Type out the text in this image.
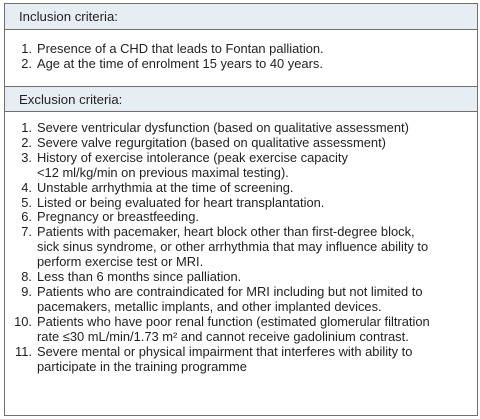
Inclusion criteria:
1. Presence of a CHD that leads to Fontan palliation.
2. Age at the time of enrolment 15 years to 40 years.
Exclusion criteria:
1. Severe ventricular dysfunction (based on qualitative assessment)
2. Severe valve regurgitation (based on qualitative assessment)
3. History of exercise intolerance (peak exercise capacity
<12 ml/kg/min on previous maximal testing).
4. Unstable arrhythmia at the time of screening.
5. Listed or being evaluated for heart transplantation.
6. Pregnancy or breastfeeding.
7. Patients with pacemaker, heart block other than first-degree block,
sick sinus syndrome, or other arrhythmia that may influence ability to
perform exercise test or MRI.
8. Less than 6 months since palliation.
9. Patients who are contraindicated for MRI including but not limited to
pacemakers, metallic implants, and other implanted devices.
10. Patients who have poor renal function (estimated glomerular filtration
rate ≤30 mL/min/1.73 m² and cannot receive gadolinium contrast.
11. Severe mental or physical impairment that interferes with ability to
participate in the training programme
